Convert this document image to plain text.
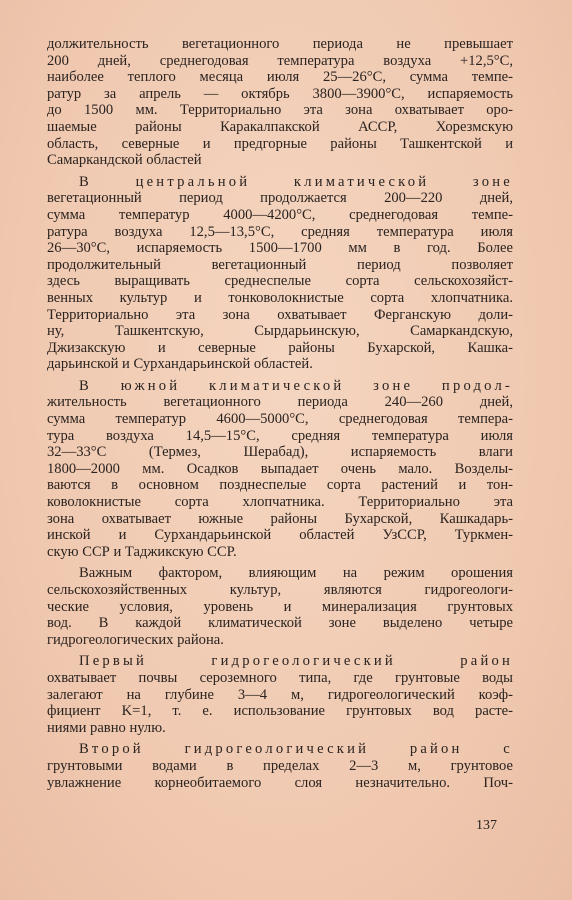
должительность вегетационного периода не превышает
200 дней, среднегодовая температура воздуха +12,5°С,
наиболее теплого месяца июля 25—26°С, сумма темпе-
ратур за апрель — октябрь 3800—3900°С, испаряемость
до 1500 мм. Территориально эта зона охватывает оро-
шаемые районы Каракалпакской АССР, Хорезмскую
область, северные и предгорные районы Ташкентской и
Самаркандской областей

В центральной климатической зоне
вегетационный период продолжается 200—220 дней,
сумма температур 4000—4200°С, среднегодовая темпе-
ратура воздуха 12,5—13,5°С, средняя температура июля
26—30°С, испаряемость 1500—1700 мм в год. Более
продолжительный вегетационный период позволяет
здесь выращивать среднеспелые сорта сельскохозяйст-
венных культур и тонковолокнистые сорта хлопчатника.
Территориально эта зона охватывает Ферганскую доли-
ну, Ташкентскую, Сырдарьинскую, Самаркандскую,
Джизакскую и северные районы Бухарской, Кашка-
дарьинской и Сурхандарьинской областей.

В южной климатической зоне продол-
жительность вегетационного периода 240—260 дней,
сумма температур 4600—5000°С, среднегодовая темпера-
тура воздуха 14,5—15°С, средняя температура июля
32—33°С (Термез, Шерабад), испаряемость влаги
1800—2000 мм. Осадков выпадает очень мало. Возделы-
ваются в основном позднеспелые сорта растений и тон-
коволокнистые сорта хлопчатника. Территориально эта
зона охватывает южные районы Бухарской, Кашкадарь-
инской и Сурхандарьинской областей УзССР, Туркмен-
скую ССР и Таджикскую ССР.

Важным фактором, влияющим на режим орошения
сельскохозяйственных культур, являются гидрогеологи-
ческие условия, уровень и минерализация грунтовых
вод. В каждой климатической зоне выделено четыре
гидрогеологических района.

Первый гидрогеологический район
охватывает почвы сероземного типа, где грунтовые воды
залегают на глубине 3—4 м, гидрогеологический коэф-
фициент K=1, т. е. использование грунтовых вод расте-
ниями равно нулю.

Второй гидрогеологический район с
грунтовыми водами в пределах 2—3 м, грунтовое
увлажнение корнеобитаемого слоя незначительно. Поч-

137
